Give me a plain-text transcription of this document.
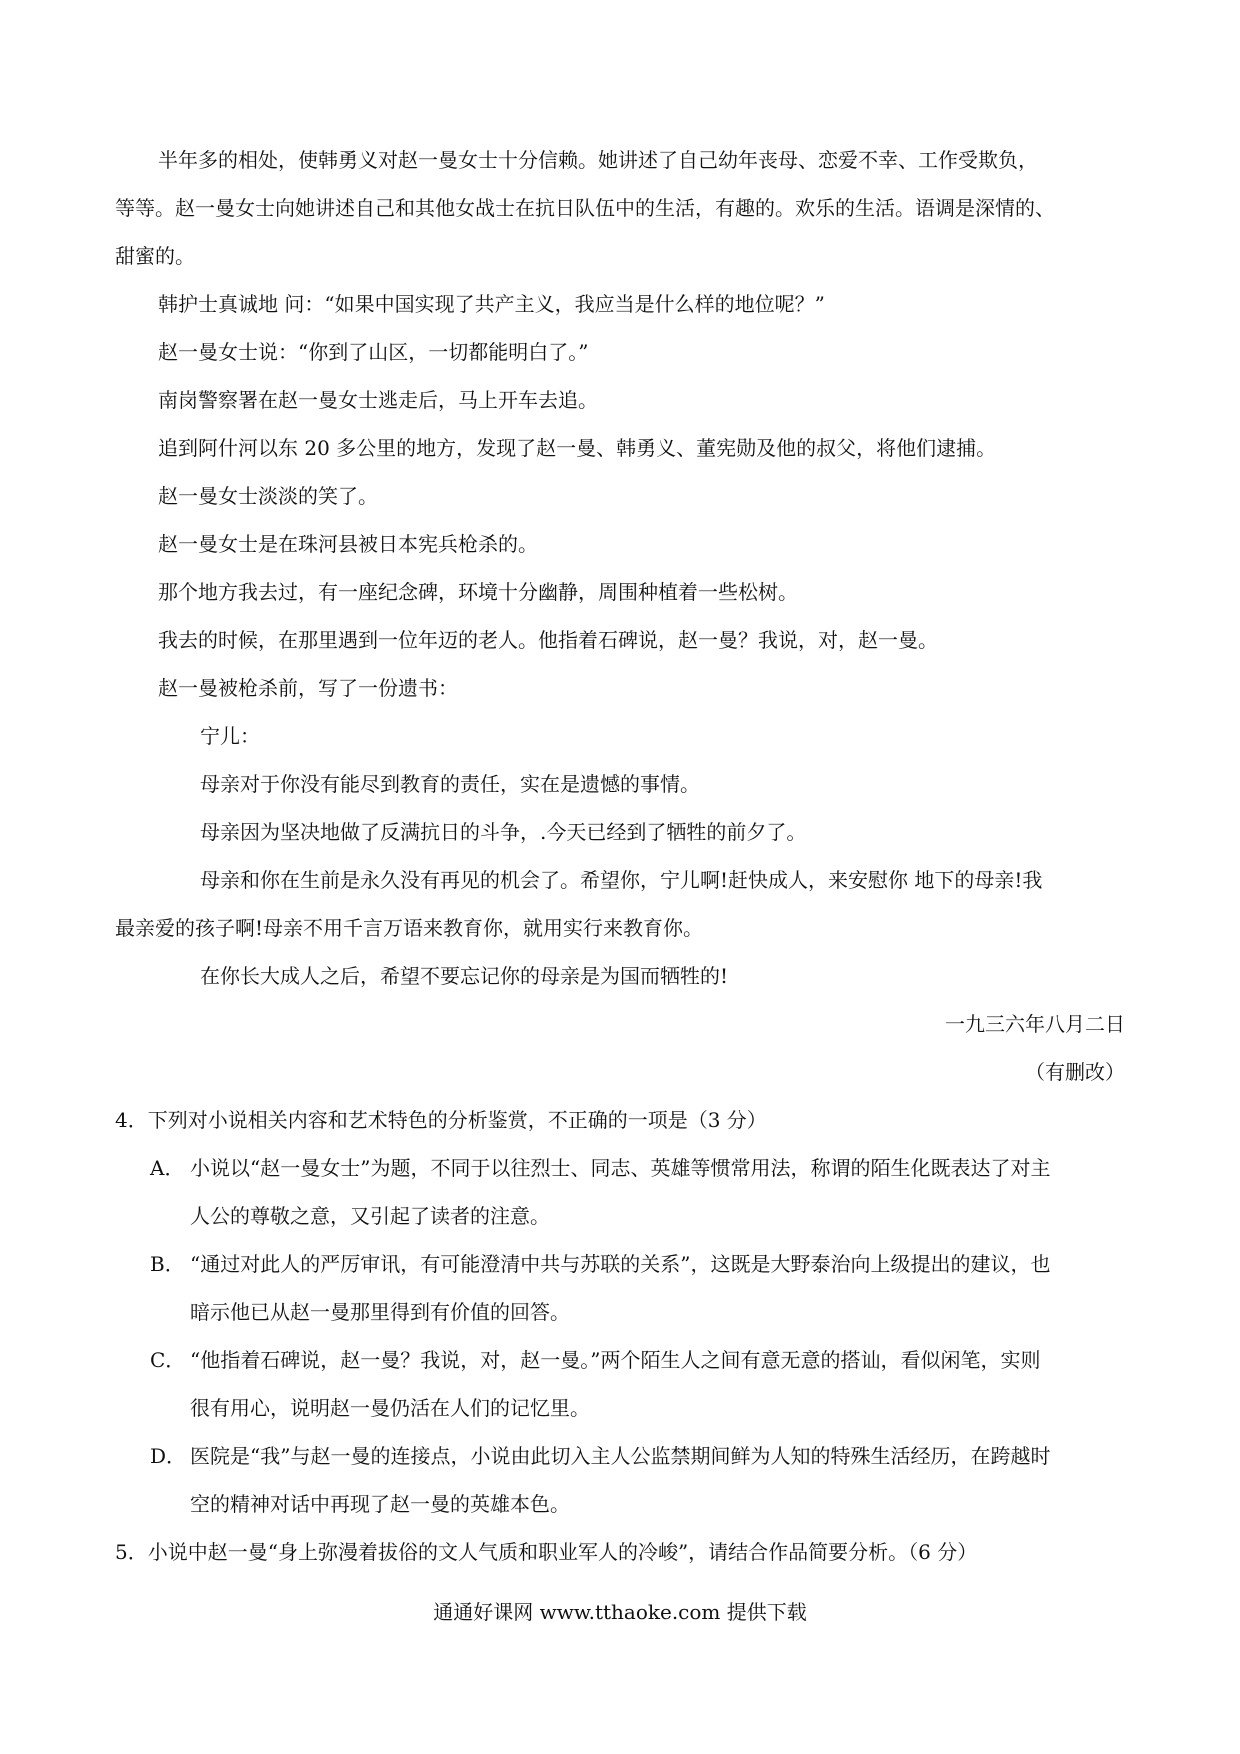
半年多的相处，使韩勇义对赵一曼女士十分信赖。她讲述了自己幼年丧母、恋爱不幸、工作受欺负，
等等。赵一曼女士向她讲述自己和其他女战士在抗日队伍中的生活，有趣的。欢乐的生活。语调是深情的、
甜蜜的。
韩护士真诚地 问：“如果中国实现了共产主义，我应当是什么样的地位呢？”
赵一曼女士说：“你到了山区，一切都能明白了。”
南岗警察署在赵一曼女士逃走后，马上开车去追。
追到阿什河以东 20 多公里的地方，发现了赵一曼、韩勇义、董宪勋及他的叔父，将他们逮捕。
赵一曼女士淡淡的笑了。
赵一曼女士是在珠河县被日本宪兵枪杀的。
那个地方我去过，有一座纪念碑，环境十分幽静，周围种植着一些松树。
我去的时候，在那里遇到一位年迈的老人。他指着石碑说，赵一曼？我说，对，赵一曼。
赵一曼被枪杀前，写了一份遗书：
宁儿：
母亲对于你没有能尽到教育的责任，实在是遗憾的事情。
母亲因为坚决地做了反满抗日的斗争，.今天已经到了牺牲的前夕了。
母亲和你在生前是永久没有再见的机会了。希望你，宁儿啊!赶快成人，来安慰你 地下的母亲!我
最亲爱的孩子啊!母亲不用千言万语来教育你，就用实行来教育你。
在你长大成人之后，希望不要忘记你的母亲是为国而牺牲的!
一九三六年八月二日
（有删改）
4．下列对小说相关内容和艺术特色的分析鉴赏，不正确的一项是（3 分）
A． 小说以“赵一曼女士”为题，不同于以往烈士、同志、英雄等惯常用法，称谓的陌生化既表达了对主
人公的尊敬之意，又引起了读者的注意。
B． “通过对此人的严厉审讯，有可能澄清中共与苏联的关系”，这既是大野泰治向上级提出的建议，也
暗示他已从赵一曼那里得到有价值的回答。
C． “他指着石碑说，赵一曼？我说，对，赵一曼。”两个陌生人之间有意无意的搭讪，看似闲笔，实则
很有用心，说明赵一曼仍活在人们的记忆里。
D． 医院是“我”与赵一曼的连接点，小说由此切入主人公监禁期间鲜为人知的特殊生活经历，在跨越时
空的精神对话中再现了赵一曼的英雄本色。
5．小说中赵一曼“身上弥漫着拔俗的文人气质和职业军人的冷峻”，请结合作品简要分析。（6 分）
通通好课网 www.tthaoke.com 提供下载
